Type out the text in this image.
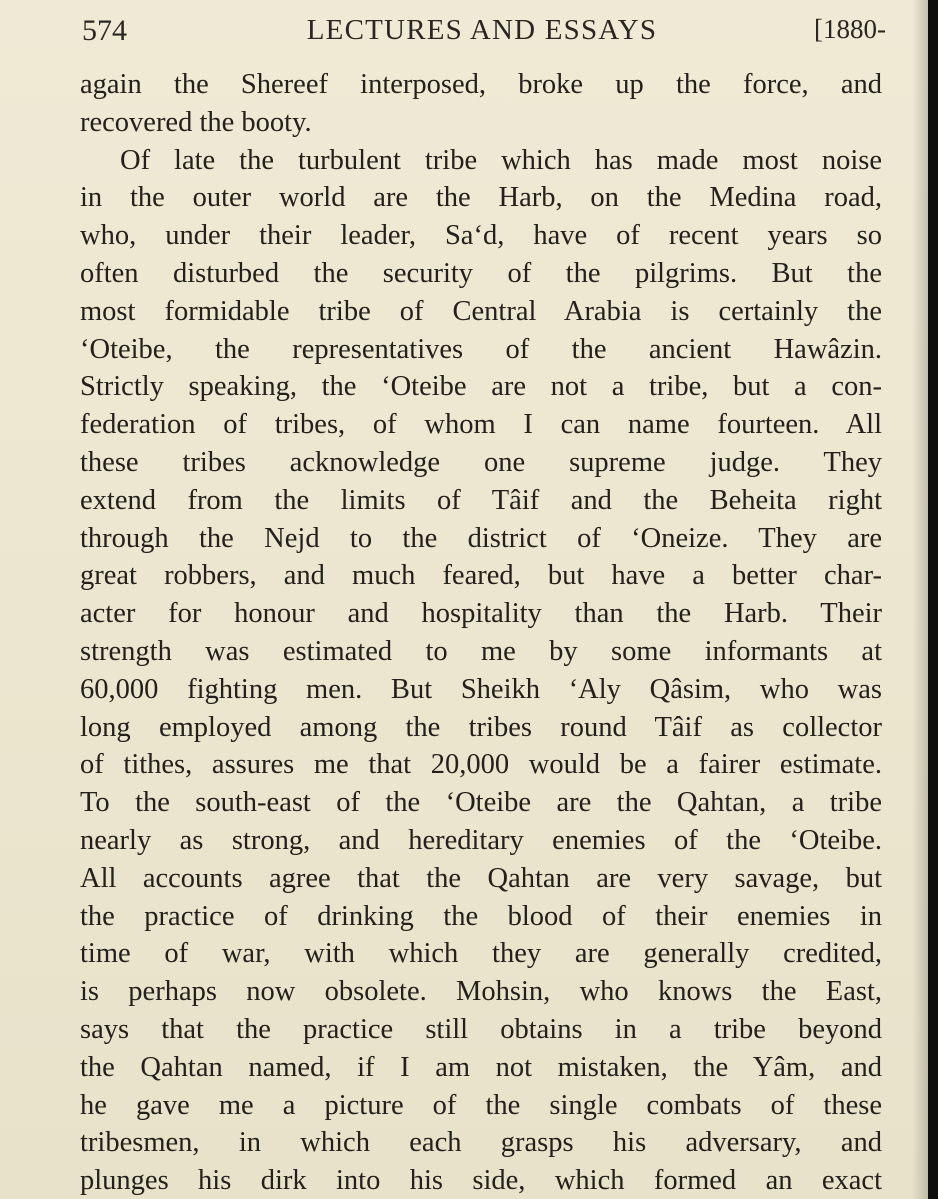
574	LECTURES AND ESSAYS	[1880-
again the Shereef interposed, broke up the force, and
recovered the booty.
Of late the turbulent tribe which has made most noise
in the outer world are the Harb, on the Medina road,
who, under their leader, Sa‘d, have of recent years so
often disturbed the security of the pilgrims. But the
most formidable tribe of Central Arabia is certainly the
‘Oteibe, the representatives of the ancient Hawâzin.
Strictly speaking, the ‘Oteibe are not a tribe, but a con-
federation of tribes, of whom I can name fourteen. All
these tribes acknowledge one supreme judge. They
extend from the limits of Tâif and the Beheita right
through the Nejd to the district of ‘Oneize. They are
great robbers, and much feared, but have a better char-
acter for honour and hospitality than the Harb. Their
strength was estimated to me by some informants at
60,000 fighting men. But Sheikh ‘Aly Qâsim, who was
long employed among the tribes round Tâif as collector
of tithes, assures me that 20,000 would be a fairer estimate.
To the south-east of the ‘Oteibe are the Qahtan, a tribe
nearly as strong, and hereditary enemies of the ‘Oteibe.
All accounts agree that the Qahtan are very savage, but
the practice of drinking the blood of their enemies in
time of war, with which they are generally credited,
is perhaps now obsolete. Mohsin, who knows the East,
says that the practice still obtains in a tribe beyond
the Qahtan named, if I am not mistaken, the Yâm, and
he gave me a picture of the single combats of these
tribesmen, in which each grasps his adversary, and
plunges his dirk into his side, which formed an exact
